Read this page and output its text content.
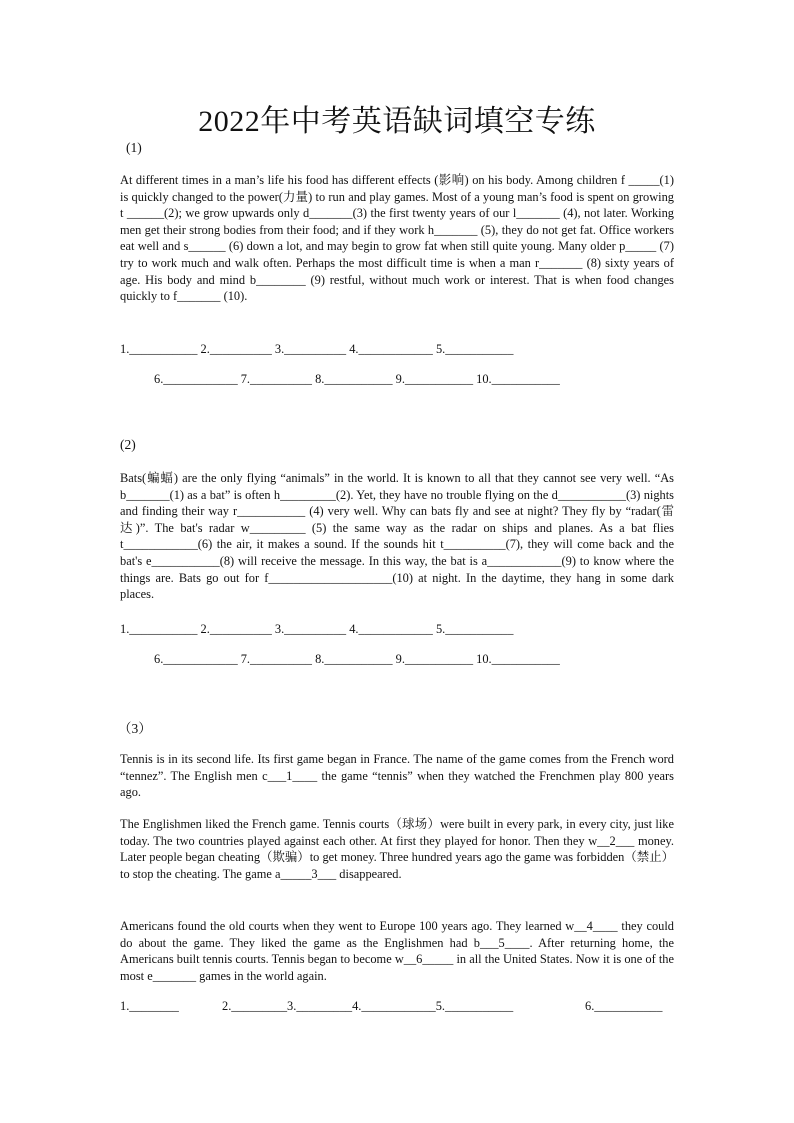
2022年中考英语缺词填空专练
(1)

At different times in a man’s life his food has different effects (影响) on his body. Among children f _____(1) is quickly changed to the power(力量) to run and play games. Most of a young man’s food is spent on growing t ______(2); we grow upwards only d_______(3) the first twenty years of our l_______ (4), not later. Working men get their strong bodies from their food; and if they work h_______ (5), they do not get fat. Office workers eat well and s______ (6) down a lot, and may begin to grow fat when still quite young. Many older p_____ (7) try to work much and walk often. Perhaps the most difficult time is when a man r_______ (8) sixty years of age. His body and mind b________ (9) restful, without much work or interest. That is when food changes quickly to f_______ (10).

1.___________ 2.__________ 3.__________ 4.____________ 5.___________
6.____________ 7.__________ 8.___________ 9.___________ 10.___________
(2)

Bats(蝙蝠) are the only flying “animals” in the world. It is known to all that they cannot see very well. “As b_______(1) as a bat” is often h_________(2). Yet, they have no trouble flying on the d___________(3) nights and finding their way r___________ (4) very well. Why can bats fly and see at night? They fly by “radar(雷达)”. The bat's radar w_________ (5) the same way as the radar on ships and planes. As a bat flies t____________(6) the air, it makes a sound. If the sounds hit t__________(7), they will come back and the bat's e___________(8) will receive the message. In this way, the bat is a____________(9) to know where the things are. Bats go out for f____________________(10) at night. In the daytime, they hang in some dark places.

1.___________ 2.__________ 3.__________ 4.____________ 5.___________
6.____________ 7.__________ 8.___________ 9.___________ 10.___________
（3）

Tennis is in its second life. Its first game began in France. The name of the game comes from the French word “tennez”. The English men c___1____ the game “tennis” when they watched the Frenchmen play 800 years ago.

The Englishmen liked the French game. Tennis courts（球场）were built in every park, in every city, just like today. The two countries played against each other. At first they played for honor. Then they w__2___ money. Later people began cheating（欺骗）to get money. Three hundred years ago the game was forbidden（禁止）to stop the cheating. The game a_____3___ disappeared.

Americans found the old courts when they went to Europe 100 years ago. They learned w__4____ they could do about the game. They liked the game as the Englishmen had b___5____. After returning home, the Americans built tennis courts. Tennis began to become w__6_____ in all the United States. Now it is one of the most e_______ games in the world again.

1.________	2._________3._________4.____________5.___________	6.___________
